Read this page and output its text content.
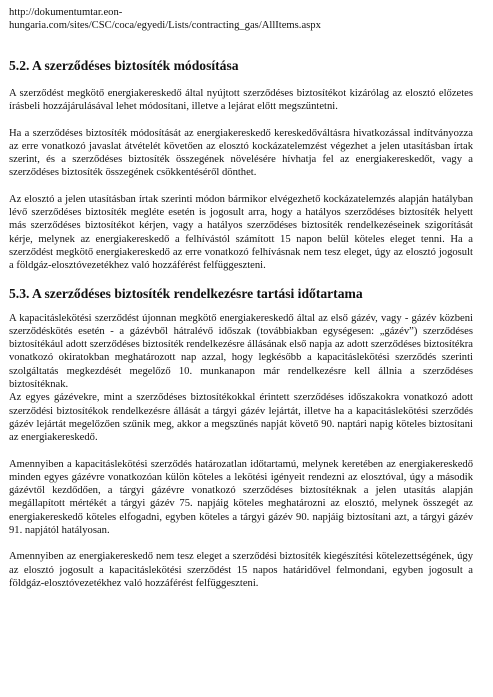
http://dokumentumtar.eon-
hungaria.com/sites/CSC/coca/egyedi/Lists/contracting_gas/AllItems.aspx
5.2. A szerződéses biztosíték módosítása

A szerződést megkötő energiakereskedő által nyújtott szerződéses biztosítékot kizárólag az elosztó előzetes írásbeli hozzájárulásával lehet módosítani, illetve a lejárat előtt megszüntetni.

Ha a szerződéses biztosíték módosítását az energiakereskedő kereskedőváltásra hivatkozással indítványozza az erre vonatkozó javaslat átvételét követően az elosztó kockázatelemzést végezhet a jelen utasításban írtak szerint, és a szerződéses biztosíték összegének növelésére hívhatja fel az energiakereskedőt, vagy a szerződéses biztosíték összegének csökkentéséről dönthet.

Az elosztó a jelen utasításban írtak szerinti módon bármikor elvégezhető kockázatelemzés alapján hatályban lévő szerződéses biztosíték megléte esetén is jogosult arra, hogy a hatályos szerződéses biztosíték helyett más szerződéses biztosítékot kérjen, vagy a hatályos szerződéses biztosíték rendelkezéseinek szigorítását kérje, melynek az energiakereskedő a felhívástól számított 15 napon belül köteles eleget tenni. Ha a szerződést megkötő energiakereskedő az erre vonatkozó felhívásnak nem tesz eleget, úgy az elosztó jogosult a földgáz-elosztóvezetékhez való hozzáférést felfüggeszteni.

5.3. A szerződéses biztosíték rendelkezésre tartási időtartama

A kapacitáslekötési szerződést újonnan megkötő energiakereskedő által az első gázév, vagy - gázév közbeni szerződéskötés esetén - a gázévből hátralévő időszak (továbbiakban egységesen: „gázév”) szerződéses biztosítékául adott szerződéses biztosíték rendelkezésre állásának első napja az adott szerződéses biztosítékra vonatkozó okiratokban meghatározott nap azzal, hogy legkésőbb a kapacitáslekötési szerződés szerinti szolgáltatás megkezdését megelőző 10. munkanapon már rendelkezésre kell állnia a szerződéses biztosítéknak.

Az egyes gázévekre, mint a szerződéses biztosítékokkal érintett szerződéses időszakokra vonatkozó adott szerződési biztosítékok rendelkezésre állását a tárgyi gázév lejártát, illetve ha a kapacitáslekötési szerződés gázév lejártát megelőzően szűnik meg, akkor a megszűnés napját követő 90. naptári napig köteles biztosítani az energiakereskedő.

Amennyiben a kapacitáslekötési szerződés határozatlan időtartamú, melynek keretében az energiakereskedő minden egyes gázévre vonatkozóan külön köteles a lekötési igényeit rendezni az elosztóval, úgy a második gázévtől kezdődően, a tárgyi gázévre vonatkozó szerződéses biztosítéknak a jelen utasítás alapján megállapított mértékét a tárgyi gázév 75. napjáig köteles meghatározni az elosztó, melynek összegét az energiakereskedő köteles elfogadni, egyben köteles a tárgyi gázév 90. napjáig biztosítani azt, a tárgyi gázév 91. napjától hatályosan.

Amennyiben az energiakereskedő nem tesz eleget a szerződési biztosíték kiegészítési kötelezettségének, úgy az elosztó jogosult a kapacitáslekötési szerződést 15 napos határidővel felmondani, egyben jogosult a földgáz-elosztóvezetékhez való hozzáférést felfüggeszteni.
